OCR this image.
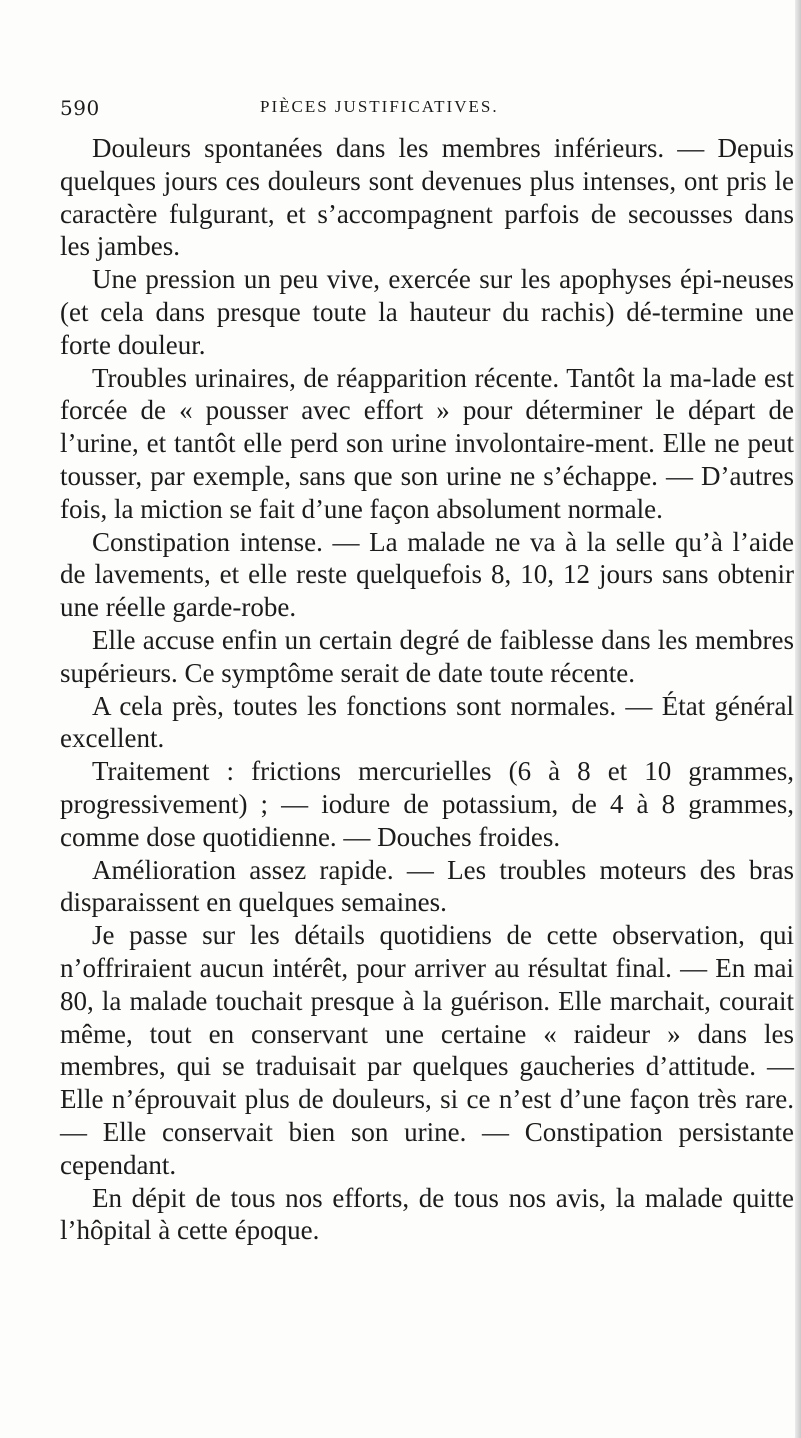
590	PIÈCES JUSTIFICATIVES.

Douleurs spontanées dans les membres inférieurs. — Depuis quelques jours ces douleurs sont devenues plus intenses, ont pris le caractère fulgurant, et s’accompagnent parfois de secousses dans les jambes.

Une pression un peu vive, exercée sur les apophyses épi-neuses (et cela dans presque toute la hauteur du rachis) dé-termine une forte douleur.

Troubles urinaires, de réapparition récente. Tantôt la ma-lade est forcée de « pousser avec effort » pour déterminer le départ de l’urine, et tantôt elle perd son urine involontaire-ment. Elle ne peut tousser, par exemple, sans que son urine ne s’échappe. — D’autres fois, la miction se fait d’une façon absolument normale.

Constipation intense. — La malade ne va à la selle qu’à l’aide de lavements, et elle reste quelquefois 8, 10, 12 jours sans obtenir une réelle garde-robe.

Elle accuse enfin un certain degré de faiblesse dans les membres supérieurs. Ce symptôme serait de date toute récente.

A cela près, toutes les fonctions sont normales. — État général excellent.

Traitement : frictions mercurielles (6 à 8 et 10 grammes, progressivement) ; — iodure de potassium, de 4 à 8 grammes, comme dose quotidienne. — Douches froides.

Amélioration assez rapide. — Les troubles moteurs des bras disparaissent en quelques semaines.

Je passe sur les détails quotidiens de cette observation, qui n’offriraient aucun intérêt, pour arriver au résultat final. — En mai 80, la malade touchait presque à la guérison. Elle marchait, courait même, tout en conservant une certaine « raideur » dans les membres, qui se traduisait par quelques gaucheries d’attitude. — Elle n’éprouvait plus de douleurs, si ce n’est d’une façon très rare. — Elle conservait bien son urine. — Constipation persistante cependant.

En dépit de tous nos efforts, de tous nos avis, la malade quitte l’hôpital à cette époque.
